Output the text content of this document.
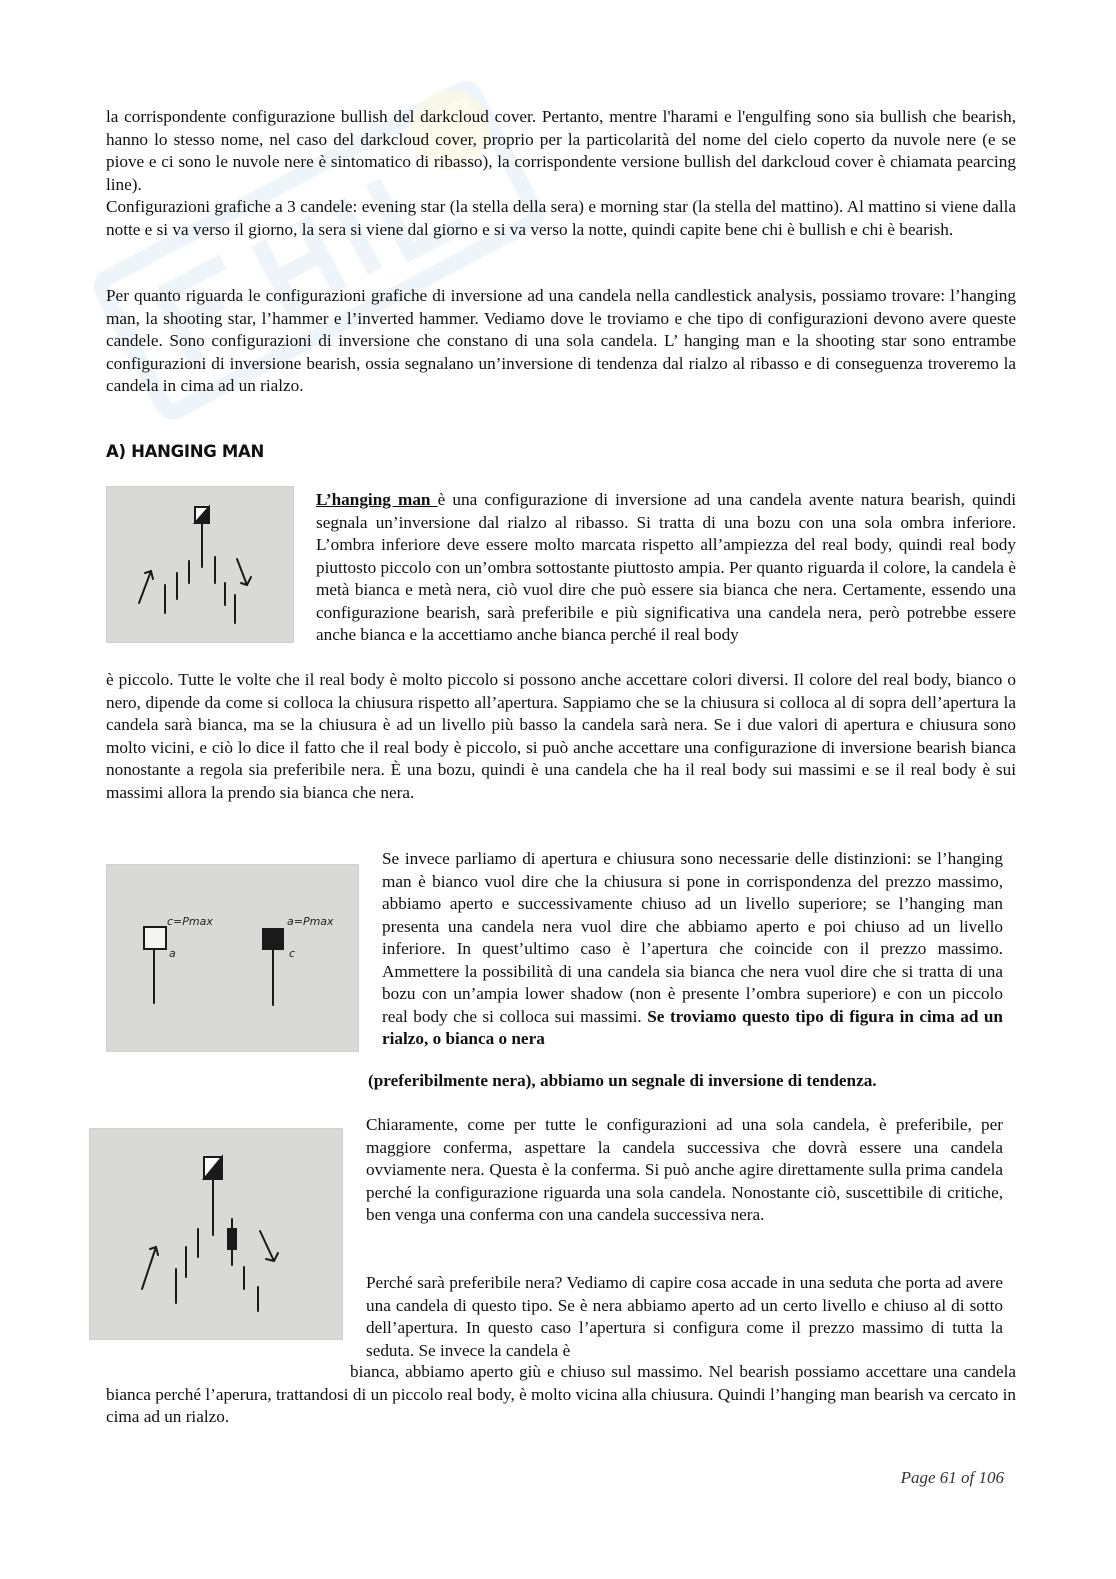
la corrispondente configurazione bullish del darkcloud cover. Pertanto, mentre l'harami e l'engulfing sono sia bullish che bearish, hanno lo stesso nome, nel caso del darkcloud cover, proprio per la particolarità del nome del cielo coperto da nuvole nere (e se piove e ci sono le nuvole nere è sintomatico di ribasso), la corrispondente versione bullish del darkcloud cover è chiamata pearcing line).

Configurazioni grafiche a 3 candele: evening star (la stella della sera) e morning star (la stella del mattino). Al mattino si viene dalla notte e si va verso il giorno, la sera si viene dal giorno e si va verso la notte, quindi capite bene chi è bullish e chi è bearish.

Per quanto riguarda le configurazioni grafiche di inversione ad una candela nella candlestick analysis, possiamo trovare: l’hanging man, la shooting star, l’hammer e l’inverted hammer. Vediamo dove le troviamo e che tipo di configurazioni devono avere queste candele. Sono configurazioni di inversione che constano di una sola candela. L’ hanging man e la shooting star sono entrambe configurazioni di inversione bearish, ossia segnalano un’inversione di tendenza dal rialzo al ribasso e di conseguenza troveremo la candela in cima ad un rialzo.

A) HANGING MAN

L’hanging man è una configurazione di inversione ad una candela avente natura bearish, quindi segnala un’inversione dal rialzo al ribasso. Si tratta di una bozu con una sola ombra inferiore. L’ombra inferiore deve essere molto marcata rispetto all’ampiezza del real body, quindi real body piuttosto piccolo con un’ombra sottostante piuttosto ampia. Per quanto riguarda il colore, la candela è metà bianca e metà nera, ciò vuol dire che può essere sia bianca che nera. Certamente, essendo una configurazione bearish, sarà preferibile e più significativa una candela nera, però potrebbe essere anche bianca e la accettiamo anche bianca perché il real body

è piccolo. Tutte le volte che il real body è molto piccolo si possono anche accettare colori diversi. Il colore del real body, bianco o nero, dipende da come si colloca la chiusura rispetto all’apertura. Sappiamo che se la chiusura si colloca al di sopra dell’apertura la candela sarà bianca, ma se la chiusura è ad un livello più basso la candela sarà nera. Se i due valori di apertura e chiusura sono molto vicini, e ciò lo dice il fatto che il real body è piccolo, si può anche accettare una configurazione di inversione bearish bianca nonostante a regola sia preferibile nera. È una bozu, quindi è una candela che ha il real body sui massimi e se il real body è sui massimi allora la prendo sia bianca che nera.

c=Pmax
a
a=Pmax
c

Se invece parliamo di apertura e chiusura sono necessarie delle distinzioni: se l’hanging man è bianco vuol dire che la chiusura si pone in corrispondenza del prezzo massimo, abbiamo aperto e successivamente chiuso ad un livello superiore; se l’hanging man presenta una candela nera vuol dire che abbiamo aperto e poi chiuso ad un livello inferiore. In quest’ultimo caso è l’apertura che coincide con il prezzo massimo. Ammettere la possibilità di una candela sia bianca che nera vuol dire che si tratta di una bozu con un’ampia lower shadow (non è presente l’ombra superiore) e con un piccolo real body che si colloca sui massimi. Se troviamo questo tipo di figura in cima ad un rialzo, o bianca o nera

(preferibilmente nera), abbiamo un segnale di inversione di tendenza.

Chiaramente, come per tutte le configurazioni ad una sola candela, è preferibile, per maggiore conferma, aspettare la candela successiva che dovrà essere una candela ovviamente nera. Questa è la conferma. Si può anche agire direttamente sulla prima candela perché la configurazione riguarda una sola candela. Nonostante ciò, suscettibile di critiche, ben venga una conferma con una candela successiva nera.

Perché sarà preferibile nera? Vediamo di capire cosa accade in una seduta che porta ad avere una candela di questo tipo. Se è nera abbiamo aperto ad un certo livello e chiuso al di sotto dell’apertura. In questo caso l’apertura si configura come il prezzo massimo di tutta la seduta. Se invece la candela è

bianca, abbiamo aperto giù e chiuso sul massimo. Nel bearish possiamo accettare una candela bianca perché l’aperura, trattandosi di un piccolo real body, è molto vicina alla chiusura. Quindi l’hanging man bearish va cercato in cima ad un rialzo.

Page 61 of 106
